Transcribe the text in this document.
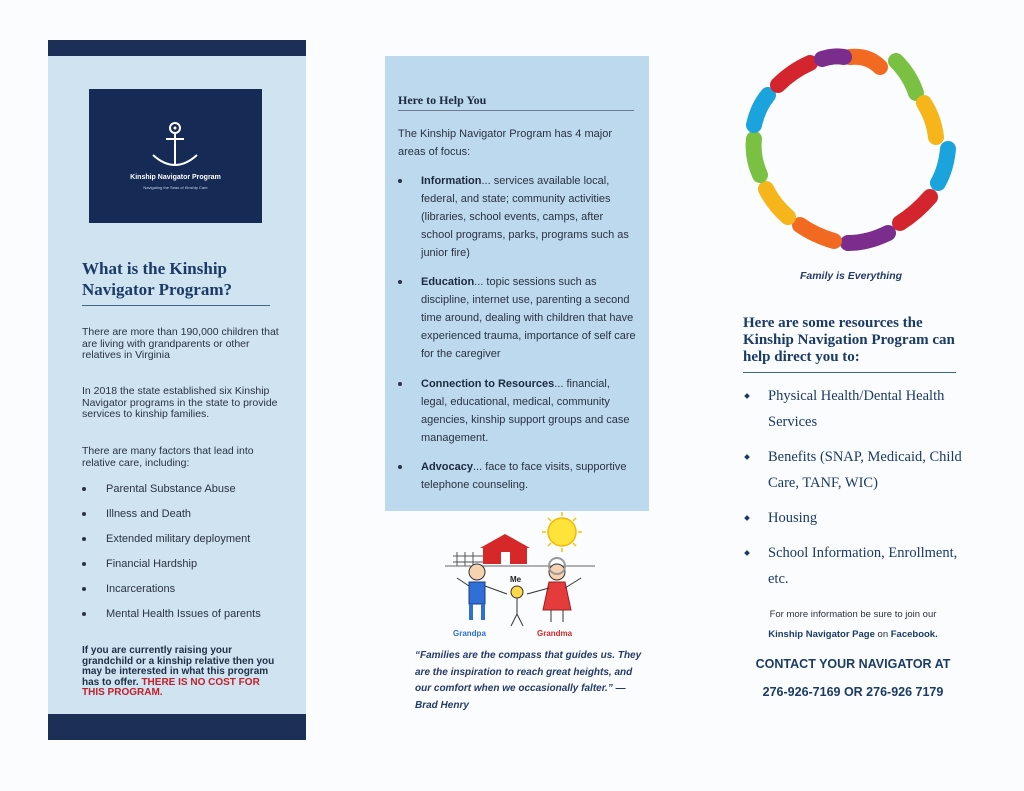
Kinship Navigator Program
Navigating the Seas of Kinship Care
What is the Kinship Navigator Program?

There are more than 190,000 children that are living with grandparents or other relatives in Virginia

In 2018 the state established six Kinship Navigator programs in the state to provide services to kinship families.

There are many factors that lead into relative care, including:

Parental Substance Abuse
Illness and Death
Extended military deployment
Financial Hardship
Incarcerations
Mental Health Issues of parents

If you are currently raising your grandchild or a kinship relative then you may be interested in what this program has to offer. THERE IS NO COST FOR THIS PROGRAM.

Here to Help You

The Kinship Navigator Program has 4 major areas of focus:

Information... services available local, federal, and state; community activities (libraries, school events, camps, after school programs, parks, programs such as junior fire)
Education... topic sessions such as discipline, internet use, parenting a second time around, dealing with children that have experienced trauma, importance of self care for the caregiver
Connection to Resources... financial, legal, educational, medical, community agencies, kinship support groups and case management.
Advocacy... face to face visits, supportive telephone counseling.
Me
Grandpa	Grandma

“Families are the compass that guides us. They are the inspiration to reach great heights, and our comfort when we occasionally falter.” — Brad Henry

Family is Everything
Here are some resources the Kinship Navigation Program can help direct you to:
Physical Health/Dental Health Services
Benefits (SNAP, Medicaid, Child Care, TANF, WIC)
Housing
School Information, Enrollment, etc.
For more information be sure to join our
Kinship Navigator Page on Facebook.
CONTACT YOUR NAVIGATOR AT
276-926-7169 OR 276-926 7179
